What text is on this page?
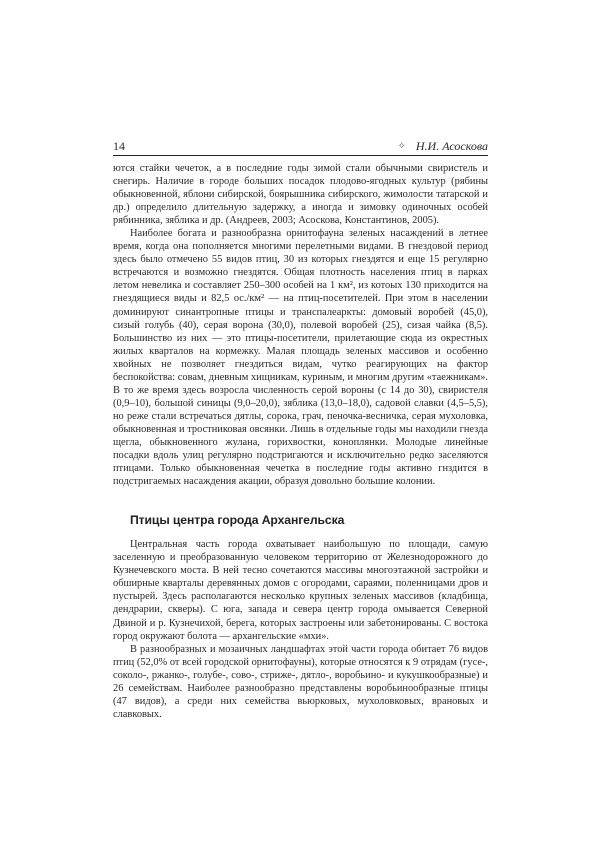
14	✧ Н.И. Асоскова

ются стайки чечеток, а в последние годы зимой стали обычными свиристель и снегирь. Наличие в городе больших посадок плодово-ягодных культур (рябины обыкновенной, яблони сибирской, боярышника сибирского, жимолости татарской и др.) определило длительную задержку, а иногда и зимовку одиночных особей рябинника, зяблика и др. (Андреев, 2003; Асоскова, Константинов, 2005).

Наиболее богата и разнообразна орнитофауна зеленых насаждений в летнее время, когда она пополняется многими перелетными видами. В гнездовой период здесь было отмечено 55 видов птиц, 30 из которых гнездятся и еще 15 регулярно встречаются и возможно гнездятся. Общая плотность населения птиц в парках летом невелика и составляет 250–300 особей на 1 км², из котоых 130 приходится на гнездящиеся виды и 82,5 ос./км² — на птиц-посетителей. При этом в населении доминируют синантропные птицы и транспалеаркты: домовый воробей (45,0), сизый голубь (40), серая ворона (30,0), полевой воробей (25), сизая чайка (8,5). Большинство из них — это птицы-посетители, прилетающие сюда из окрестных жилых кварталов на кормежку. Малая площадь зеленых массивов и особенно хвойных не позволяет гнездиться видам, чутко реагирующих на фактор беспокойства: совам, дневным хищникам, куриным, и многим другим «таежникам». В то же время здесь возросла численность серой вороны (с 14 до 30), свиристеля (0,9–10), большой синицы (9,0–20,0), зяблика (13,0–18,0), садовой славки (4,5–5,5), но реже стали встречаться дятлы, сорока, грач, пеночка-весничка, серая мухоловка, обыкновенная и тростниковая овсянки. Лишь в отдельные годы мы находили гнезда щегла, обыкновенного жулана, горихвостки, коноплянки. Молодые линейные посадки вдоль улиц регулярно подстригаются и исключительно редко заселяются птицами. Только обыкновенная чечетка в последние годы активно гнздится в подстригаемых насаждения акации, образуя довольно большие колонии.

Птицы центра города Архангельска

Центральная часть города охватывает наибольшую по площади, самую заселенную и преобразованную человеком территорию от Железнодорожного до Кузнечевского моста. В ней тесно сочетаются массивы многоэтажной застройки и обширные кварталы деревянных домов с огородами, сараями, поленницами дров и пустырей. Здесь располагаются несколько крупных зеленых массивов (кладбища, дендрарии, скверы). С юга, запада и севера центр города омывается Северной Двиной и р. Кузнечихой, берега, которых застроены или забетонированы. С востока город окружают болота — архангельские «мхи».

В разнообразных и мозаичных ландшафтах этой части города обитает 76 видов птиц (52,0% от всей городской орнитофауны), которые относятся к 9 отрядам (гусе-, соколо-, ржанко-, голубе-, сово-, стриже-, дятло-, воробьино- и кукушкообразные) и 26 семействам. Наиболее разнообразно представлены воробьинообразные птицы (47 видов), а среди них семейства вьюрковых, мухоловковых, врановых и славковых.
